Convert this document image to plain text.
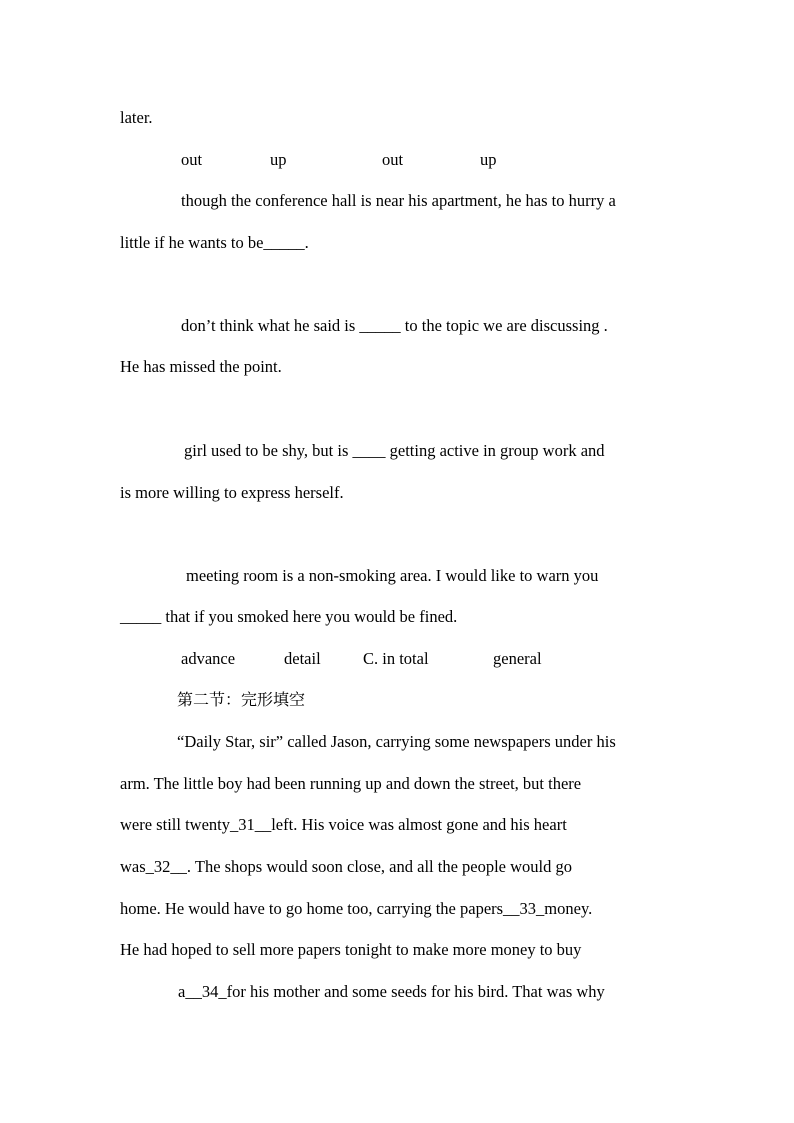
later.
out	up	out	up
though the conference hall is near his apartment, he has to hurry a
little if he wants to be_____.
don’t think what he said is _____ to the topic we are discussing .
He has missed the point.
girl used to be shy, but is ____ getting active in group work and
is more willing to express herself.
meeting room is a non-smoking area. I would like to warn you
_____ that if you smoked here you would be fined.
advance	detail	C. in total	general
第二节：完形填空
“Daily Star, sir” called Jason, carrying some newspapers under his
arm. The little boy had been running up and down the street, but there
were still twenty_31__left. His voice was almost gone and his heart
was_32__. The shops would soon close, and all the people would go
home. He would have to go home too, carrying the papers__33_money.
He had hoped to sell more papers tonight to make more money to buy
a__34_for his mother and some seeds for his bird. That was why
